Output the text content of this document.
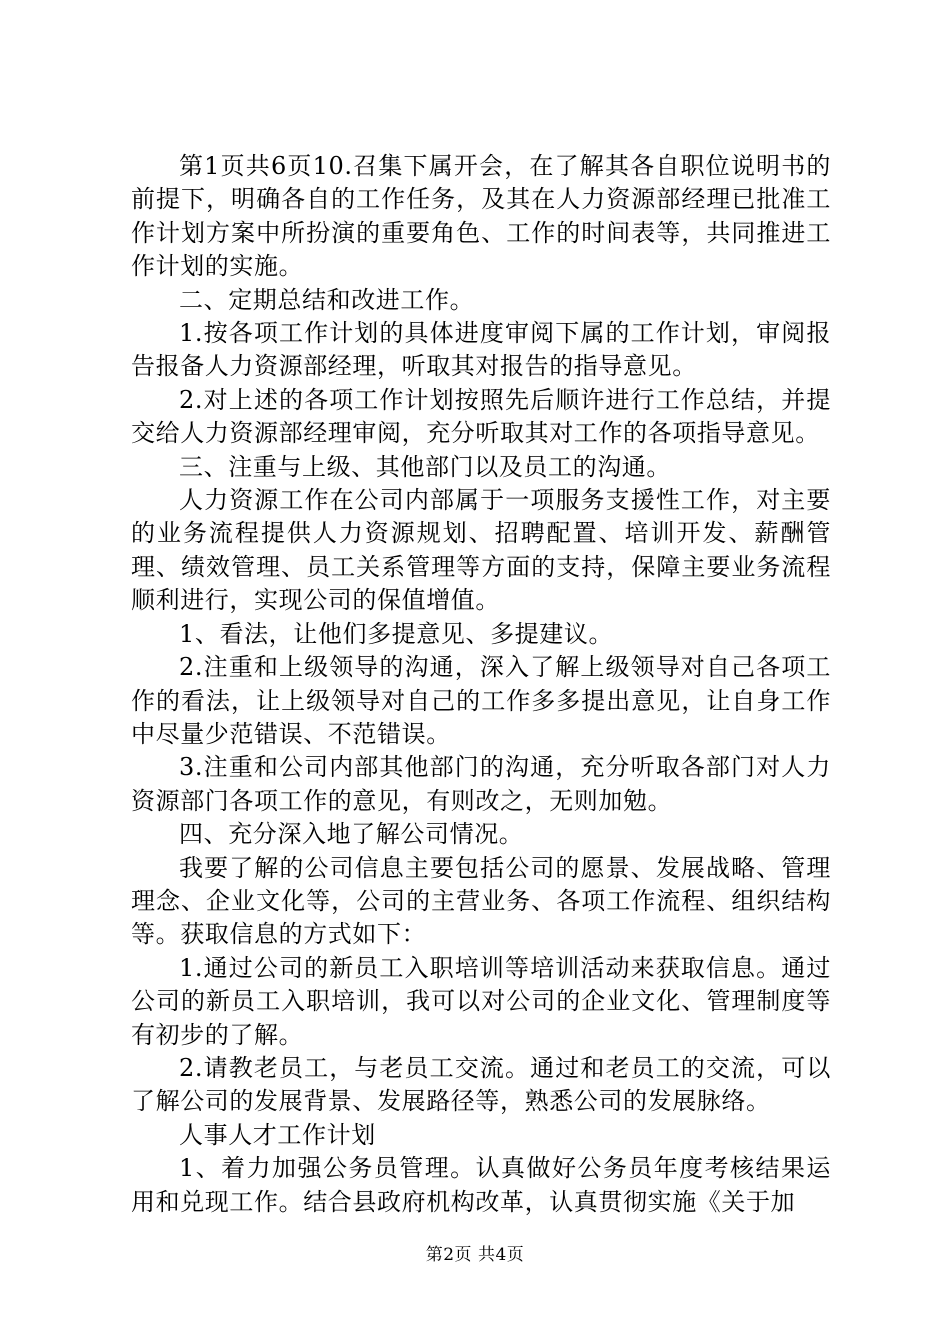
第1页共6页10.召集下属开会，在了解其各自职位说明书的前提下，明确各自的工作任务，及其在人力资源部经理已批准工作计划方案中所扮演的重要角色、工作的时间表等，共同推进工作计划的实施。

二、定期总结和改进工作。

1.按各项工作计划的具体进度审阅下属的工作计划，审阅报告报备人力资源部经理，听取其对报告的指导意见。

2.对上述的各项工作计划按照先后顺许进行工作总结，并提交给人力资源部经理审阅，充分听取其对工作的各项指导意见。

三、注重与上级、其他部门以及员工的沟通。

人力资源工作在公司内部属于一项服务支援性工作，对主要的业务流程提供人力资源规划、招聘配置、培训开发、薪酬管理、绩效管理、员工关系管理等方面的支持，保障主要业务流程顺利进行，实现公司的保值增值。

1、看法，让他们多提意见、多提建议。

2.注重和上级领导的沟通，深入了解上级领导对自己各项工作的看法，让上级领导对自己的工作多多提出意见，让自身工作中尽量少范错误、不范错误。

3.注重和公司内部其他部门的沟通，充分听取各部门对人力资源部门各项工作的意见，有则改之，无则加勉。

四、充分深入地了解公司情况。

我要了解的公司信息主要包括公司的愿景、发展战略、管理理念、企业文化等，公司的主营业务、各项工作流程、组织结构等。获取信息的方式如下：

1.通过公司的新员工入职培训等培训活动来获取信息。通过公司的新员工入职培训，我可以对公司的企业文化、管理制度等有初步的了解。

2.请教老员工，与老员工交流。通过和老员工的交流，可以了解公司的发展背景、发展路径等，熟悉公司的发展脉络。

人事人才工作计划

1、着力加强公务员管理。认真做好公务员年度考核结果运用和兑现工作。结合县政府机构改革，认真贯彻实施《关于加

第2页 共4页
